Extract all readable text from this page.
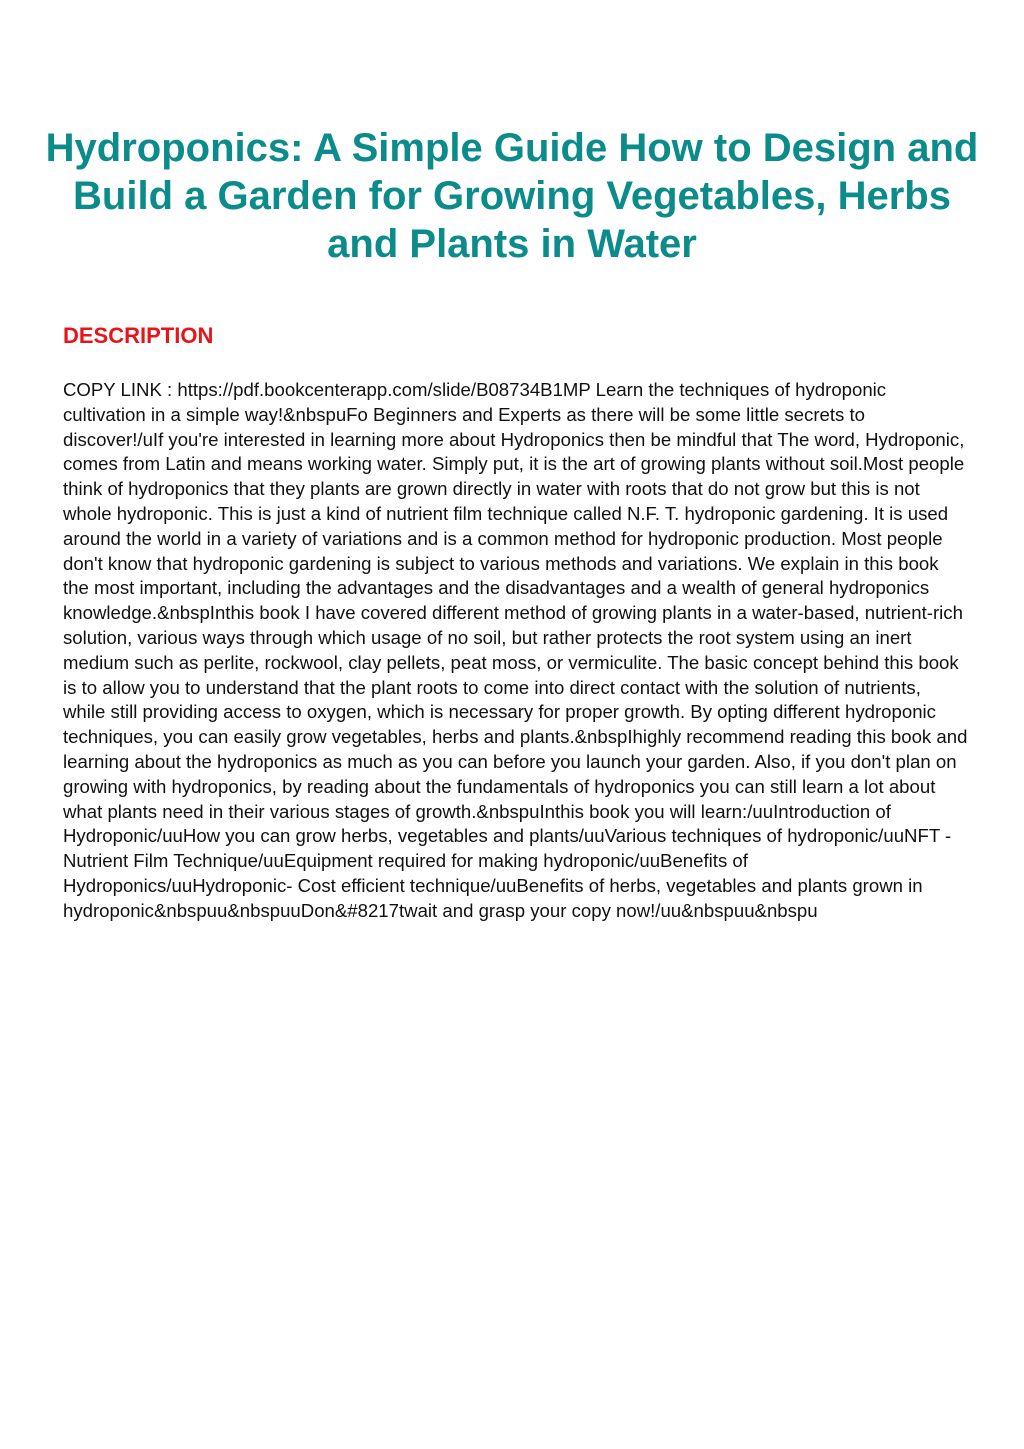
Hydroponics: A Simple Guide How to Design and Build a Garden for Growing Vegetables, Herbs and Plants in Water
DESCRIPTION

COPY LINK : https://pdf.bookcenterapp.com/slide/B08734B1MP Learn the techniques of hydroponic cultivation in a simple way!&nbspuFo Beginners and Experts as there will be some little secrets to discover!/uIf you're interested in learning more about Hydroponics then be mindful that The word, Hydroponic, comes from Latin and means working water. Simply put, it is the art of growing plants without soil.Most people think of hydroponics that they plants are grown directly in water with roots that do not grow but this is not whole hydroponic. This is just a kind of nutrient film technique called N.F. T. hydroponic gardening. It is used around the world in a variety of variations and is a common method for hydroponic production. Most people don't know that hydroponic gardening is subject to various methods and variations. We explain in this book the most important, including the advantages and the disadvantages and a wealth of general hydroponics knowledge.&nbspInthis book I have covered different method of growing plants in a water-based, nutrient-rich solution, various ways through which usage of no soil, but rather protects the root system using an inert medium such as perlite, rockwool, clay pellets, peat moss, or vermiculite. The basic concept behind this book is to allow you to understand that the plant roots to come into direct contact with the solution of nutrients, while still providing access to oxygen, which is necessary for proper growth. By opting different hydroponic techniques, you can easily grow vegetables, herbs and plants.&nbspIhighly recommend reading this book and learning about the hydroponics as much as you can before you launch your garden. Also, if you don't plan on growing with hydroponics, by reading about the fundamentals of hydroponics you can still learn a lot about what plants need in their various stages of growth.&nbspuInthis book you will learn:/uuIntroduction of Hydroponic/uuHow you can grow herbs, vegetables and plants/uuVarious techniques of hydroponic/uuNFT -Nutrient Film Technique/uuEquipment required for making hydroponic/uuBenefits of Hydroponics/uuHydroponic- Cost efficient technique/uuBenefits of herbs, vegetables and plants grown in hydroponic&nbspuu&nbspuuDon&#8217twait and grasp your copy now!/uu&nbspuu&nbspu
